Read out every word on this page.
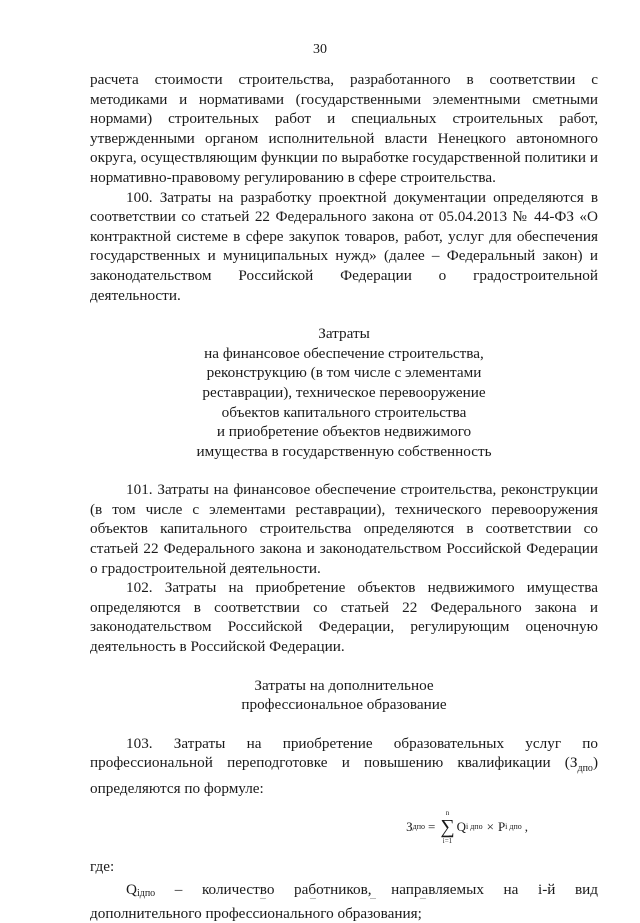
30

расчета стоимости строительства, разработанного в соответствии с методиками и нормативами (государственными элементными сметными нормами) строительных работ и специальных строительных работ, утвержденными органом исполнительной власти Ненецкого автономного округа, осуществляющим функции по выработке государственной политики и нормативно-правовому регулированию в сфере строительства.

100. Затраты на разработку проектной документации определяются в соответствии со статьей 22 Федерального закона от 05.04.2013 № 44-ФЗ «О контрактной системе в сфере закупок товаров, работ, услуг для обеспечения государственных и муниципальных нужд» (далее – Федеральный закон) и законодательством Российской Федерации о градостроительной деятельности.

Затраты
на финансовое обеспечение строительства,
реконструкцию (в том числе с элементами
реставрации), техническое перевооружение
объектов капитального строительства
и приобретение объектов недвижимого
имущества в государственную собственность

101. Затраты на финансовое обеспечение строительства, реконструкции (в том числе с элементами реставрации), технического перевооружения объектов капитального строительства определяются в соответствии со статьей 22 Федерального закона и законодательством Российской Федерации о градостроительной деятельности.

102. Затраты на приобретение объектов недвижимого имущества определяются в соответствии со статьей 22 Федерального закона и законодательством Российской Федерации, регулирующим оценочную деятельность в Российской Федерации.

Затраты на дополнительное
профессиональное образование

103. Затраты на приобретение образовательных услуг по профессиональной переподготовке и повышению квалификации $(З_{дпо})$ определяются по формуле:

З дпо =
n
∑
i=1
Q i дпо × P i дпо ,

где:

Qiдпо – количество работников, направляемых на i-й вид дополнительного профессионального образования;
